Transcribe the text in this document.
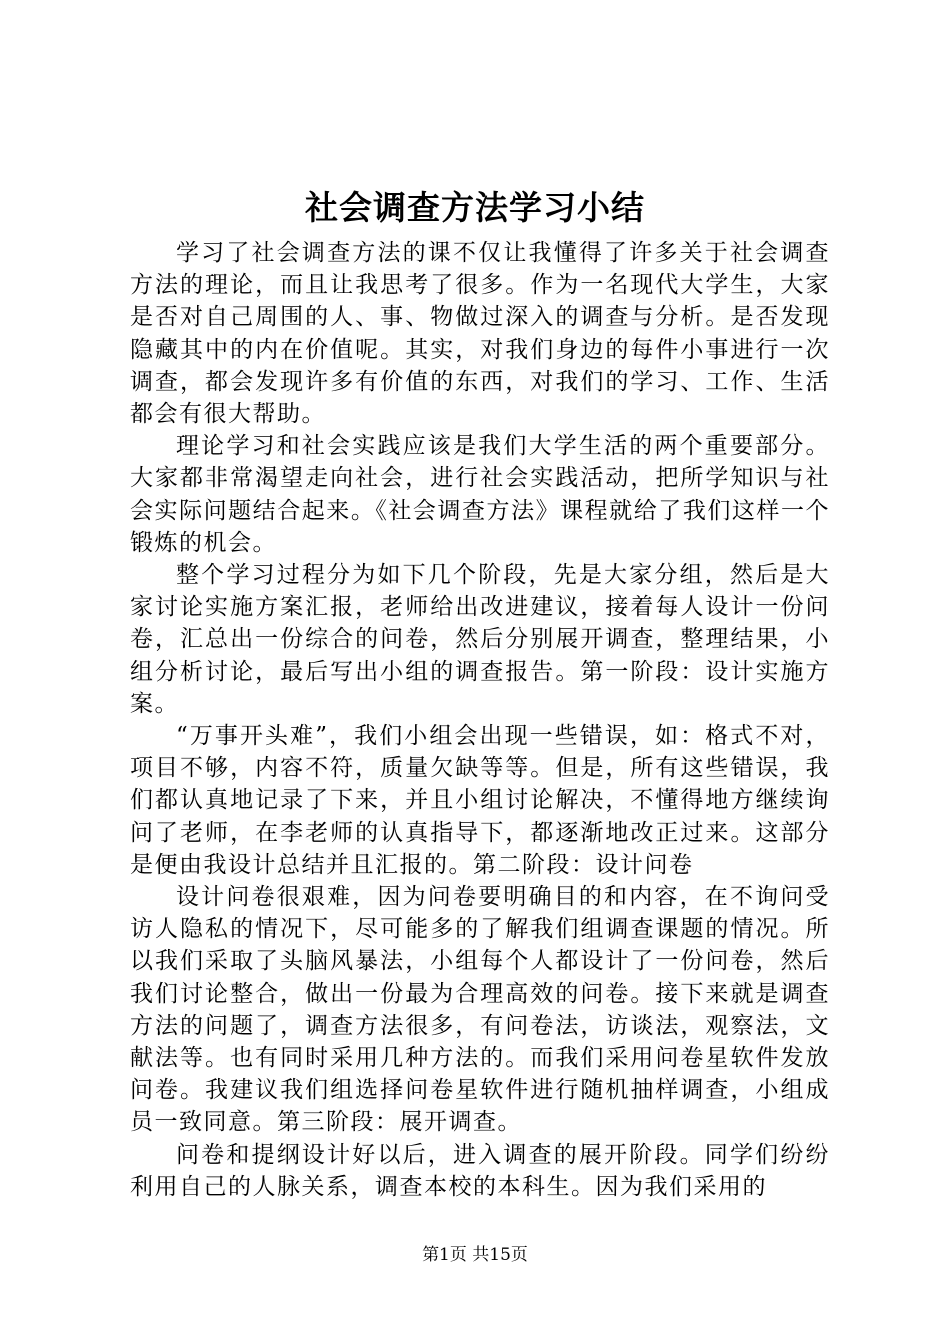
社会调查方法学习小结

学习了社会调查方法的课不仅让我懂得了许多关于社会调查方法的理论，而且让我思考了很多。作为一名现代大学生，大家是否对自己周围的人、事、物做过深入的调查与分析。是否发现隐藏其中的内在价值呢。其实，对我们身边的每件小事进行一次调查，都会发现许多有价值的东西，对我们的学习、工作、生活都会有很大帮助。

理论学习和社会实践应该是我们大学生活的两个重要部分。大家都非常渴望走向社会，进行社会实践活动，把所学知识与社会实际问题结合起来。《社会调查方法》课程就给了我们这样一个锻炼的机会。

整个学习过程分为如下几个阶段，先是大家分组，然后是大家讨论实施方案汇报，老师给出改进建议，接着每人设计一份问卷，汇总出一份综合的问卷，然后分别展开调查，整理结果，小组分析讨论，最后写出小组的调查报告。第一阶段：设计实施方案。

“万事开头难”，我们小组会出现一些错误，如：格式不对，项目不够，内容不符，质量欠缺等等。但是，所有这些错误，我们都认真地记录了下来，并且小组讨论解决，不懂得地方继续询问了老师，在李老师的认真指导下，都逐渐地改正过来。这部分是便由我设计总结并且汇报的。第二阶段：设计问卷

设计问卷很艰难，因为问卷要明确目的和内容，在不询问受访人隐私的情况下，尽可能多的了解我们组调查课题的情况。所以我们采取了头脑风暴法，小组每个人都设计了一份问卷，然后我们讨论整合，做出一份最为合理高效的问卷。接下来就是调查方法的问题了，调查方法很多，有问卷法，访谈法，观察法，文献法等。也有同时采用几种方法的。而我们采用问卷星软件发放问卷。我建议我们组选择问卷星软件进行随机抽样调查，小组成员一致同意。第三阶段：展开调查。

问卷和提纲设计好以后，进入调查的展开阶段。同学们纷纷利用自己的人脉关系，调查本校的本科生。因为我们采用的

第1页 共15页
